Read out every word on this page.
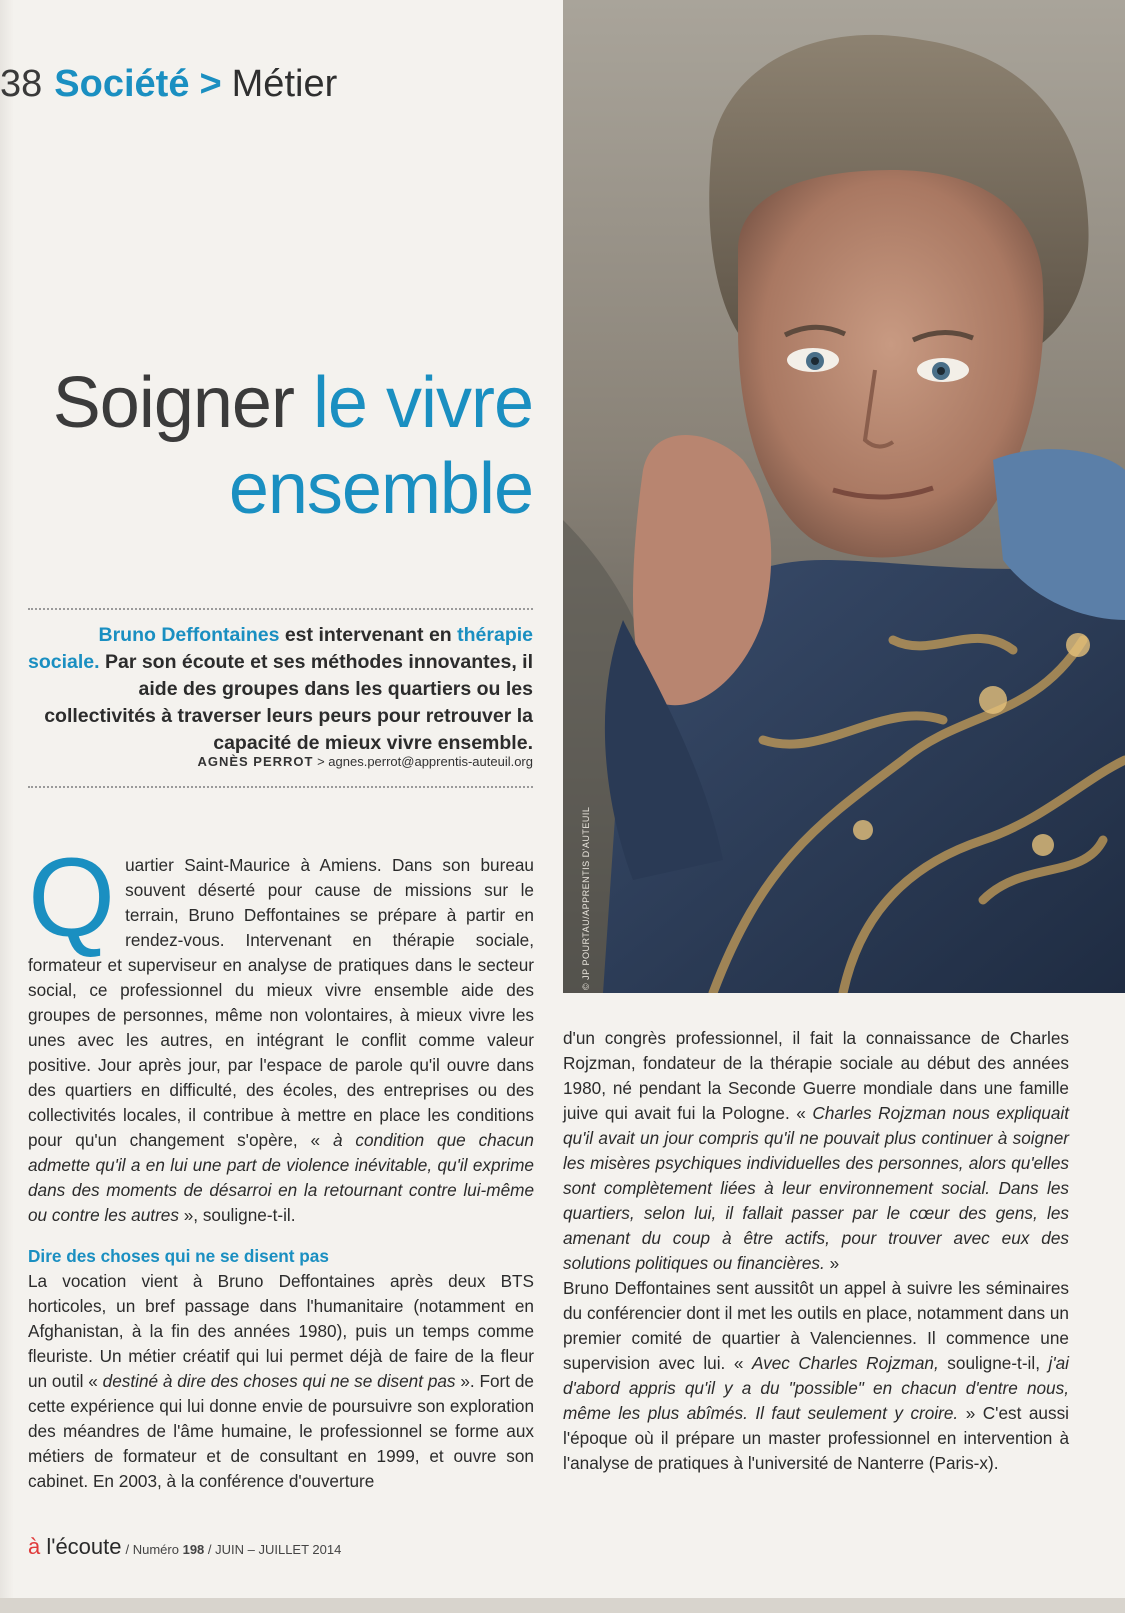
38 Société > Métier
Soigner le vivre ensemble
Bruno Deffontaines est intervenant en thérapie sociale. Par son écoute et ses méthodes innovantes, il aide des groupes dans les quartiers ou les collectivités à traverser leurs peurs pour retrouver la capacité de mieux vivre ensemble.
AGNÈS PERROT > agnes.perrot@apprentis-auteuil.org
© JP POURTAU/APPRENTIS D'AUTEUIL

Quartier Saint-Maurice à Amiens. Dans son bureau souvent déserté pour cause de missions sur le terrain, Bruno Deffontaines se prépare à partir en rendez-vous. Intervenant en thérapie sociale, formateur et superviseur en analyse de pratiques dans le secteur social, ce professionnel du mieux vivre ensemble aide des groupes de personnes, même non volontaires, à mieux vivre les unes avec les autres, en intégrant le conflit comme valeur positive. Jour après jour, par l'espace de parole qu'il ouvre dans des quartiers en difficulté, des écoles, des entreprises ou des collectivités locales, il contribue à mettre en place les conditions pour qu'un changement s'opère, « à condition que chacun admette qu'il a en lui une part de violence inévitable, qu'il exprime dans des moments de désarroi en la retournant contre lui-même ou contre les autres », souligne-t-il.

Dire des choses qui ne se disent pas

La vocation vient à Bruno Deffontaines après deux BTS horticoles, un bref passage dans l'humanitaire (notamment en Afghanistan, à la fin des années 1980), puis un temps comme fleuriste. Un métier créatif qui lui permet déjà de faire de la fleur un outil « destiné à dire des choses qui ne se disent pas ». Fort de cette expérience qui lui donne envie de poursuivre son exploration des méandres de l'âme humaine, le professionnel se forme aux métiers de formateur et de consultant en 1999, et ouvre son cabinet. En 2003, à la conférence d'ouverture

d'un congrès professionnel, il fait la connaissance de Charles Rojzman, fondateur de la thérapie sociale au début des années 1980, né pendant la Seconde Guerre mondiale dans une famille juive qui avait fui la Pologne. « Charles Rojzman nous expliquait qu'il avait un jour compris qu'il ne pouvait plus continuer à soigner les misères psychiques individuelles des personnes, alors qu'elles sont complètement liées à leur environnement social. Dans les quartiers, selon lui, il fallait passer par le cœur des gens, les amenant du coup à être actifs, pour trouver avec eux des solutions politiques ou financières. »

Bruno Deffontaines sent aussitôt un appel à suivre les séminaires du conférencier dont il met les outils en place, notamment dans un premier comité de quartier à Valenciennes. Il commence une supervision avec lui. « Avec Charles Rojzman, souligne-t-il, j'ai d'abord appris qu'il y a du "possible" en chacun d'entre nous, même les plus abîmés. Il faut seulement y croire. » C'est aussi l'époque où il prépare un master professionnel en intervention à l'analyse de pratiques à l'université de Nanterre (Paris-x).

à l'écoute / Numéro 198 / JUIN – JUILLET 2014
